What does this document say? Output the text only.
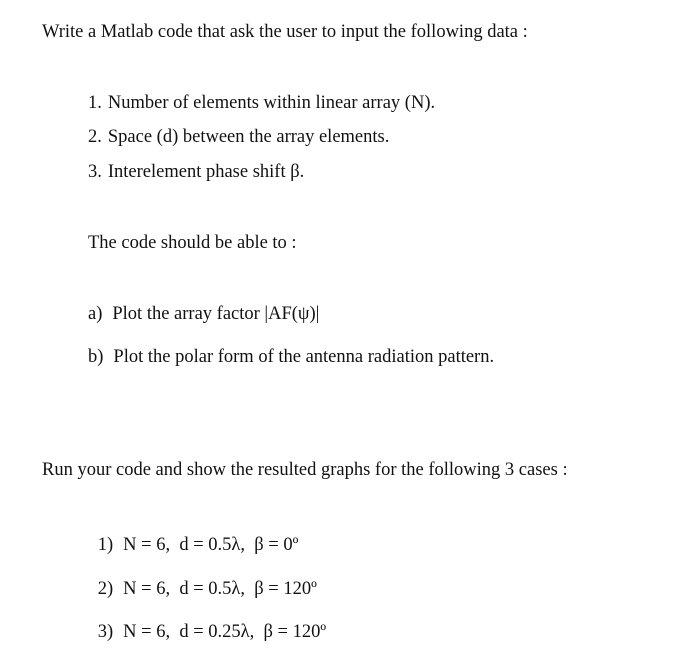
Write a Matlab code that ask the user to input the following data :
1. Number of elements within linear array (N).
2. Space (d) between the array elements.
3. Interelement phase shift β.
The code should be able to :
a) Plot the array factor |AF(ψ)|
b) Plot the polar form of the antenna radiation pattern.
Run your code and show the resulted graphs for the following 3 cases :

1) N = 6,  d = 0.5λ,  β = 0º

2) N = 6,  d = 0.5λ,  β = 120º

3) N = 6,  d = 0.25λ,  β = 120º
